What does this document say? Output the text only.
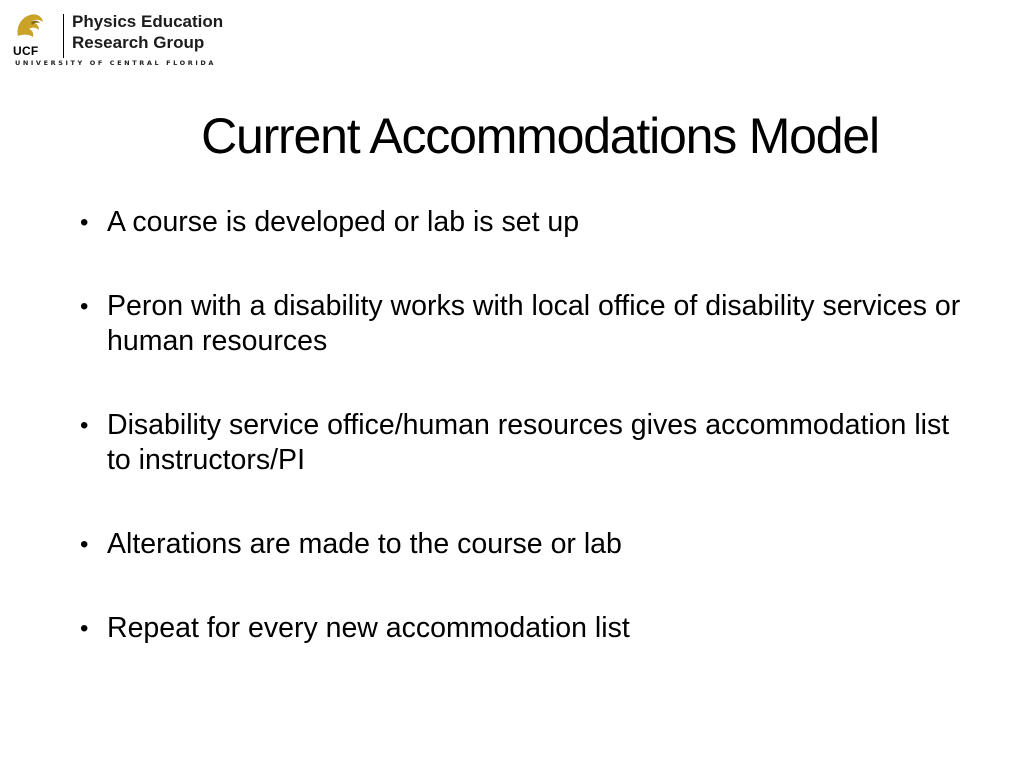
UCF
Physics Education
Research Group
UNIVERSITY OF CENTRAL FLORIDA
Current Accommodations Model
• A course is developed or lab is set up
• Peron with a disability works with local office of disability services or human resources
• Disability service office/human resources gives accommodation list to instructors/PI
• Alterations are made to the course or lab
• Repeat for every new accommodation list
